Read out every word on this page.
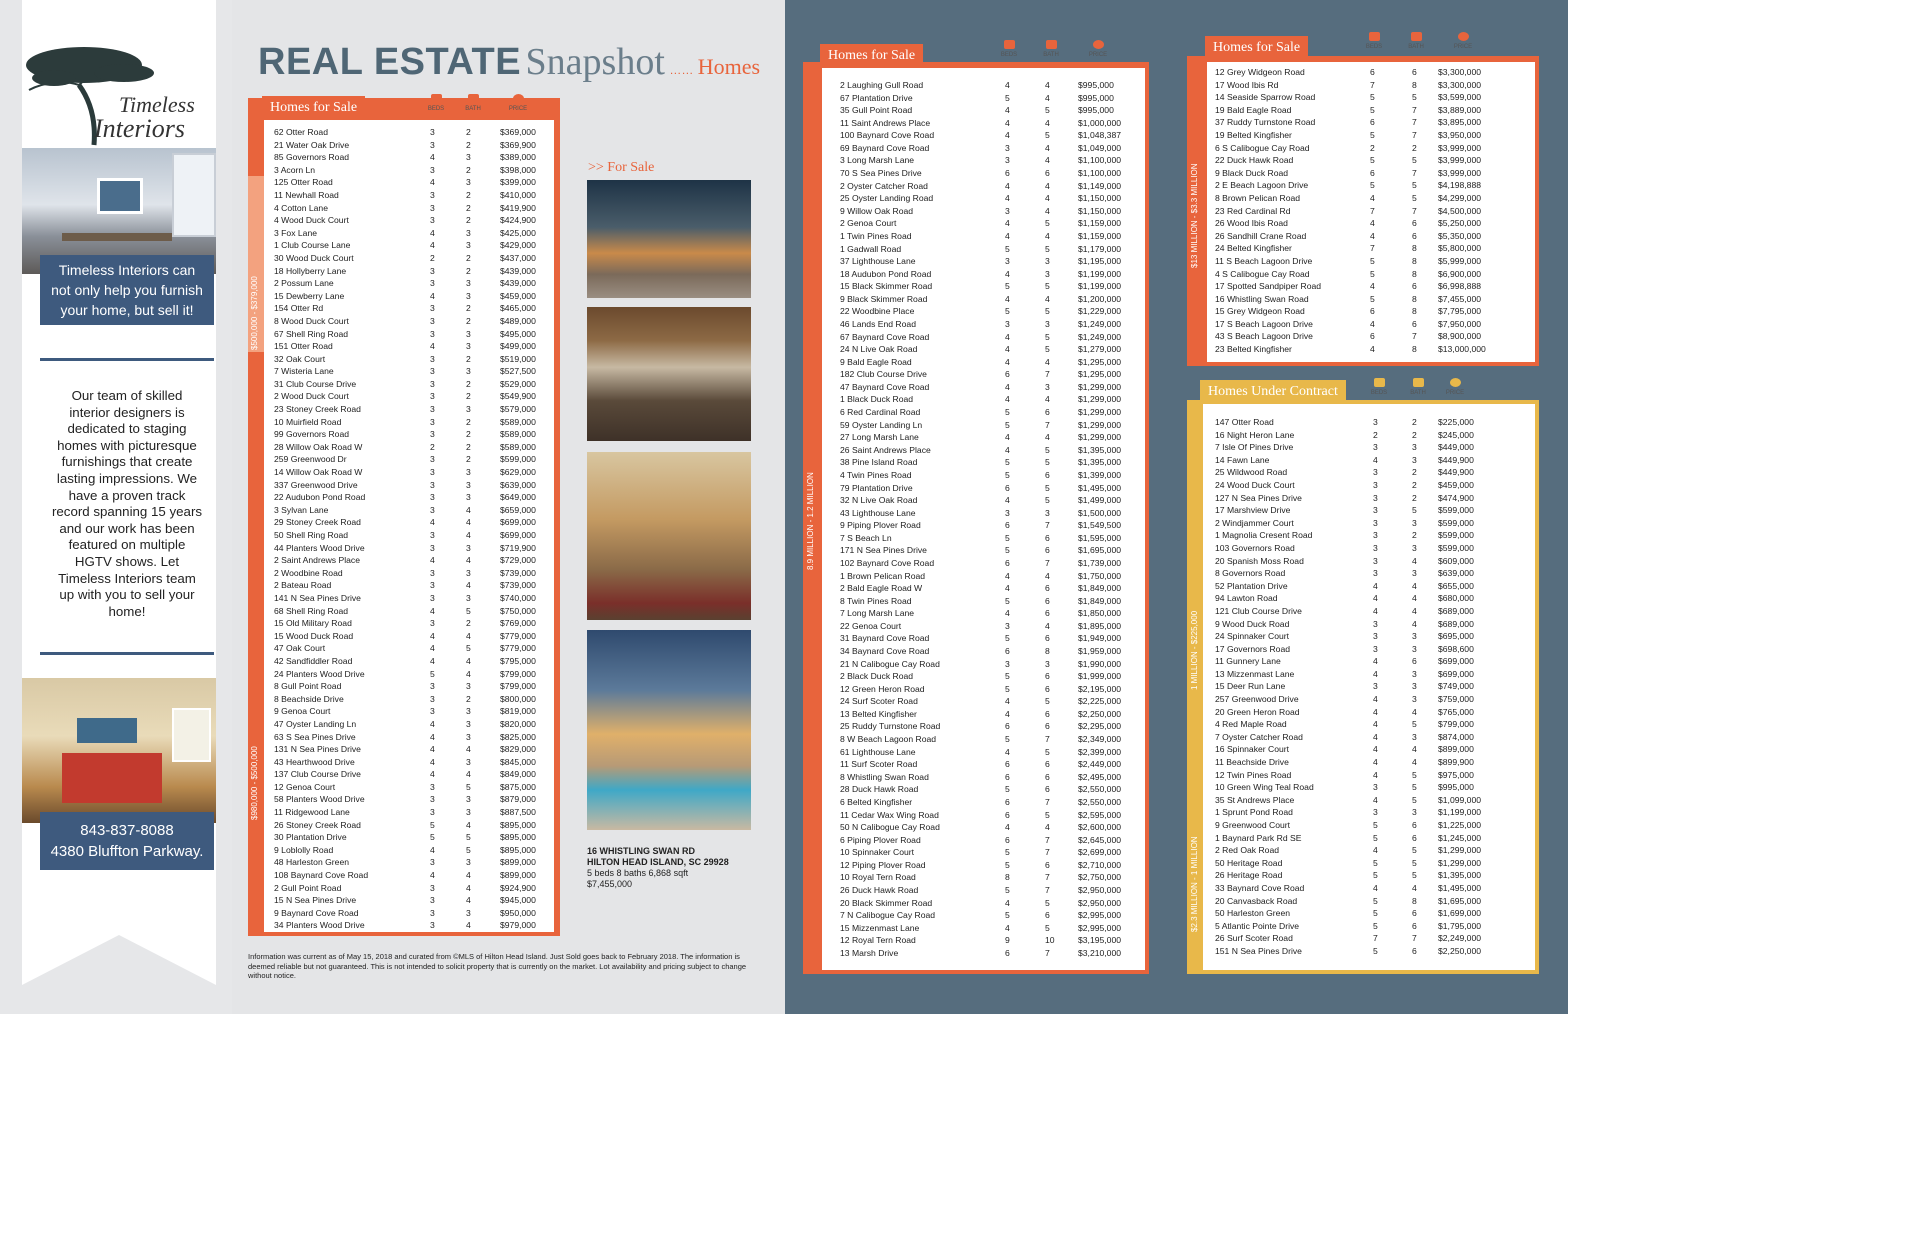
Timeless
Interiors
Timeless Interiors can not only help you furnish your home, but sell it!
Our team of skilled interior designers is dedicated to staging homes with picturesque furnishings that create lasting impressions. We have a proven track record spanning 15 years and our work has been featured on multiple HGTV shows. Let Timeless Interiors team up with you to sell your home!
843-837-8088
4380 Bluffton Parkway.
REAL ESTATE Snapshot …… Homes
$500,000 - $379,000
$980,000 - $500,000
Homes for Sale	BEDS	BATH	PRICE
62 Otter Road	3	2	$369,000
21 Water Oak Drive	3	2	$369,900
85 Governors Road	4	3	$389,000
3 Acorn Ln	3	2	$398,000
125 Otter Road	4	3	$399,000
11 Newhall Road	3	2	$410,000
4 Cotton Lane	3	2	$419,900
4 Wood Duck Court	3	2	$424,900
3 Fox Lane	4	3	$425,000
1 Club Course Lane	4	3	$429,000
30 Wood Duck Court	2	2	$437,000
18 Hollyberry Lane	3	2	$439,000
2 Possum Lane	3	3	$439,000
15 Dewberry Lane	4	3	$459,000
154 Otter Rd	3	2	$465,000
8 Wood Duck Court	3	2	$489,000
67 Shell Ring Road	3	3	$495,000
151 Otter Road	4	3	$499,000
32 Oak Court	3	2	$519,000
7 Wisteria Lane	3	3	$527,500
31 Club Course Drive	3	2	$529,000
2 Wood Duck Court	3	2	$549,900
23 Stoney Creek Road	3	3	$579,000
10 Muirfield Road	3	2	$589,000
99 Governors Road	3	2	$589,000
28 Willow Oak Road W	2	2	$589,000
259 Greenwood Dr	3	2	$599,000
14 Willow Oak Road W	3	3	$629,000
337 Greenwood Drive	3	3	$639,000
22 Audubon Pond Road	3	3	$649,000
3 Sylvan Lane	3	4	$659,000
29 Stoney Creek Road	4	4	$699,000
50 Shell Ring Road	3	4	$699,000
44 Planters Wood Drive	3	3	$719,900
2 Saint Andrews Place	4	4	$729,000
2 Woodbine Road	3	3	$739,000
2 Bateau Road	3	4	$739,000
141 N Sea Pines Drive	3	3	$740,000
68 Shell Ring Road	4	5	$750,000
15 Old Military Road	3	2	$769,000
15 Wood Duck Road	4	4	$779,000
47 Oak Court	4	5	$779,000
42 Sandfiddler Road	4	4	$795,000
24 Planters Wood Drive	5	4	$799,000
8 Gull Point Road	3	3	$799,000
8 Beachside Drive	3	2	$800,000
9 Genoa Court	3	3	$819,000
47 Oyster Landing Ln	4	3	$820,000
63 S Sea Pines Drive	4	3	$825,000
131 N Sea Pines Drive	4	4	$829,000
43 Hearthwood Drive	4	3	$845,000
137 Club Course Drive	4	4	$849,000
12 Genoa Court	3	5	$875,000
58 Planters Wood Drive	3	3	$879,000
11 Ridgewood Lane	3	3	$887,500
26 Stoney Creek Road	5	4	$895,000
30 Plantation Drive	5	5	$895,000
9 Loblolly Road	4	5	$895,000
48 Harleston Green	3	3	$899,000
108 Baynard Cove Road	4	4	$899,000
2 Gull Point Road	3	4	$924,900
15 N Sea Pines Drive	3	4	$945,000
9 Baynard Cove Road	3	3	$950,000
34 Planters Wood Drive	3	4	$979,000
>> For Sale
16 WHISTLING SWAN RD
HILTON HEAD ISLAND, SC 29928
5 beds 8 baths 6,868 sqft
$7,455,000
Information was current as of May 15, 2018 and curated from ©MLS of Hilton Head Island. Just Sold goes back to February 2018. The information is deemed reliable but not guaranteed. This is not intended to solicit property that is currently on the market. Lot availability and pricing subject to change without notice.
8.9 MILLION - 1.2 MILLION
Homes for Sale	BEDS	BATH	PRICE
2 Laughing Gull Road	4	4	$995,000
67 Plantation Drive	5	4	$995,000
35 Gull Point Road	4	5	$995,000
11 Saint Andrews Place	4	4	$1,000,000
100 Baynard Cove Road	4	5	$1,048,387
69 Baynard Cove Road	3	4	$1,049,000
3 Long Marsh Lane	3	4	$1,100,000
70 S Sea Pines Drive	6	6	$1,100,000
2 Oyster Catcher Road	4	4	$1,149,000
25 Oyster Landing Road	4	4	$1,150,000
9 Willow Oak Road	3	4	$1,150,000
2 Genoa Court	4	5	$1,159,000
1 Twin Pines Road	4	4	$1,159,000
1 Gadwall Road	5	5	$1,179,000
37 Lighthouse Lane	3	3	$1,195,000
18 Audubon Pond Road	4	3	$1,199,000
15 Black Skimmer Road	5	5	$1,199,000
9 Black Skimmer Road	4	4	$1,200,000
22 Woodbine Place	5	5	$1,229,000
46 Lands End Road	3	3	$1,249,000
67 Baynard Cove Road	4	5	$1,249,000
24 N Live Oak Road	4	5	$1,279,000
9 Bald Eagle Road	4	4	$1,295,000
182 Club Course Drive	6	7	$1,295,000
47 Baynard Cove Road	4	3	$1,299,000
1 Black Duck Road	4	4	$1,299,000
6 Red Cardinal Road	5	6	$1,299,000
59 Oyster Landing Ln	5	7	$1,299,000
27 Long Marsh Lane	4	4	$1,299,000
26 Saint Andrews Place	4	5	$1,395,000
38 Pine Island Road	5	5	$1,395,000
4 Twin Pines Road	5	6	$1,399,000
79 Plantation Drive	6	5	$1,495,000
32 N Live Oak Road	4	5	$1,499,000
43 Lighthouse Lane	3	3	$1,500,000
9 Piping Plover Road	6	7	$1,549,500
7 S Beach Ln	5	6	$1,595,000
171 N Sea Pines Drive	5	6	$1,695,000
102 Baynard Cove Road	6	7	$1,739,000
1 Brown Pelican Road	4	4	$1,750,000
2 Bald Eagle Road W	4	6	$1,849,000
8 Twin Pines Road	5	6	$1,849,000
7 Long Marsh Lane	4	6	$1,850,000
22 Genoa Court	3	4	$1,895,000
31 Baynard Cove Road	5	6	$1,949,000
34 Baynard Cove Road	6	8	$1,959,000
21 N Calibogue Cay Road	3	3	$1,990,000
2 Black Duck Road	5	6	$1,999,000
12 Green Heron Road	5	6	$2,195,000
24 Surf Scoter Road	4	5	$2,225,000
13 Belted Kingfisher	4	6	$2,250,000
25 Ruddy Turnstone Road	6	6	$2,295,000
8 W Beach Lagoon Road	5	7	$2,349,000
61 Lighthouse Lane	4	5	$2,399,000
11 Surf Scoter Road	6	6	$2,449,000
8 Whistling Swan Road	6	6	$2,495,000
28 Duck Hawk Road	5	6	$2,550,000
6 Belted Kingfisher	6	7	$2,550,000
11 Cedar Wax Wing Road	6	5	$2,595,000
50 N Calibogue Cay Road	4	4	$2,600,000
6 Piping Plover Road	6	7	$2,645,000
10 Spinnaker Court	5	7	$2,699,000
12 Piping Plover Road	5	6	$2,710,000
10 Royal Tern Road	8	7	$2,750,000
26 Duck Hawk Road	5	7	$2,950,000
20 Black Skimmer Road	4	5	$2,950,000
7 N Calibogue Cay Road	5	6	$2,995,000
15 Mizzenmast Lane	4	5	$2,995,000
12 Royal Tern Road	9	10	$3,195,000
13 Marsh Drive	6	7	$3,210,000
$13 MILLION - $3.3 MILLION
Homes for Sale	BEDS	BATH	PRICE
12 Grey Widgeon Road	6	6 $3,300,000
17 Wood Ibis Rd	7	8 $3,300,000
14 Seaside Sparrow Road	5	5 $3,599,000
19 Bald Eagle Road	5	7 $3,889,000
37 Ruddy Turnstone Road	6	7 $3,895,000
19 Belted Kingfisher	5	7 $3,950,000
6 S Calibogue Cay Road	2	2 $3,999,000
22 Duck Hawk Road	5	5 $3,999,000
9 Black Duck Road	6	7 $3,999,000
2 E Beach Lagoon Drive	5	5 $4,198,888
8 Brown Pelican Road	4	5 $4,299,000
23 Red Cardinal Rd	7	7 $4,500,000
26 Wood Ibis Road	4	6 $5,250,000
26 Sandhill Crane Road	4	6 $5,350,000
24 Belted Kingfisher	7	8 $5,800,000
11 S Beach Lagoon Drive	5	8 $5,999,000
4 S Calibogue Cay Road	5	8 $6,900,000
17 Spotted Sandpiper Road	4	6 $6,998,888
16 Whistling Swan Road	5	8 $7,455,000
15 Grey Widgeon Road	6	8 $7,795,000
17 S Beach Lagoon Drive	4	6 $7,950,000
43 S Beach Lagoon Drive	6	7 $8,900,000
23 Belted Kingfisher	4	8 $13,000,000
1 MILLION - $225,000
$2.3 MILLION - 1 MILLION
Homes Under Contract	BEDS	BATH	PRICE
147 Otter Road	3	2 $225,000
16 Night Heron Lane	2	2 $245,000
7 Isle Of Pines Drive	3	3 $449,000
14 Fawn Lane	4	3 $449,900
25 Wildwood Road	3	2 $449,900
24 Wood Duck Court	3	2 $459,000
127 N Sea Pines Drive	3	2 $474,900
17 Marshview Drive	3	5 $599,000
2 Windjammer Court	3	3 $599,000
1 Magnolia Cresent Road	3	2 $599,000
103 Governors Road	3	3 $599,000
20 Spanish Moss Road	3	4 $609,000
8 Governors Road	3	3 $639,000
52 Plantation Drive	4	4 $655,000
94 Lawton Road	4	4 $680,000
121 Club Course Drive	4	4 $689,000
9 Wood Duck Road	3	4 $689,000
24 Spinnaker Court	3	3 $695,000
17 Governors Road	3	3 $698,600
11 Gunnery Lane	4	6 $699,000
13 Mizzenmast Lane	4	3 $699,000
15 Deer Run Lane	3	3 $749,000
257 Greenwood Drive	4	3 $759,000
20 Green Heron Road	4	4 $765,000
4 Red Maple Road	4	5 $799,000
7 Oyster Catcher Road	4	3 $874,000
16 Spinnaker Court	4	4 $899,000
11 Beachside Drive	4	4 $899,900
12 Twin Pines Road	4	5 $975,000
10 Green Wing Teal Road	3	5 $995,000
35 St Andrews Place	4	5 $1,099,000
1 Sprunt Pond Road	3	3 $1,199,000
9 Greenwood Court	5	6 $1,225,000
1 Baynard Park Rd SE	5	6 $1,245,000
2 Red Oak Road	4	5 $1,299,000
50 Heritage Road	5	5 $1,299,000
26 Heritage Road	5	5 $1,395,000
33 Baynard Cove Road	4	4 $1,495,000
20 Canvasback Road	5	8 $1,695,000
50 Harleston Green	5	6 $1,699,000
5 Atlantic Pointe Drive	5	6 $1,795,000
26 Surf Scoter Road	7	7 $2,249,000
151 N Sea Pines Drive	5	6 $2,250,000
